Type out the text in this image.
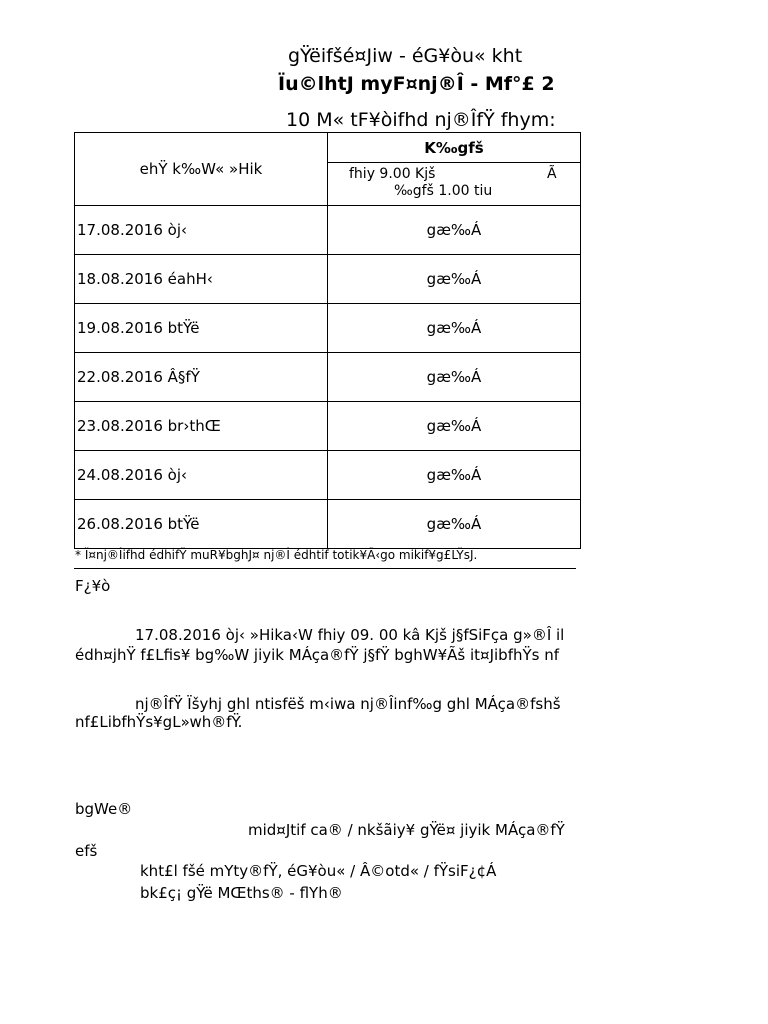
gŸëifšé¤Jiw - éG¥òu« kht
Ïu©lhtJ myF¤nj®Î - Mf°£ 2
10 M« tF¥òifhd nj®ÎfŸ fhym:
ehŸ k‰W« »Hik	K‰gfš

	fhiy 9.00 Kjš Ã
‰gfš 1.00 tiu

17.08.2016 òj‹	gæ‰Á
18.08.2016 éahH‹	gæ‰Á
19.08.2016 btŸë	gæ‰Á
22.08.2016 Â§fŸ	gæ‰Á
23.08.2016 br›thŒ	gæ‰Á
24.08.2016 òj‹	gæ‰Á
26.08.2016 btŸë	gæ‰Á
* Ï¤nj®Îifhd édhifŸ muR¥bghJ¤ nj®Î édhtif totik¥Ã‹go mikif¥g£LŸsJ.
F¿¥ò
17.08.2016 òj‹ »Hika‹W fhiy 09. 00 kâ Kjš j§fSiFça g»®Î il
édh¤jhŸ f£Lfis¥ bg‰W jiyik MÁça®fŸ j§fŸ bghW¥Ãš it¤JibfhŸs nf
nj®ÎfŸ Ïšyhj ghl ntisfëš m‹iwa nj®Îinf‰g ghl MÁça®fshš
nf£LibfhŸs¥gL»wh®fŸ.
bgWe®
mid¤Jtif ca® / nkšãiy¥ gŸë¤ jiyik MÁça®fŸ
efš
kht£l fšé mYty®fŸ, éG¥òu« / Â©otd« / fŸsiF¿¢Á
bk£ç¡ gŸë MŒths® - flYh®
